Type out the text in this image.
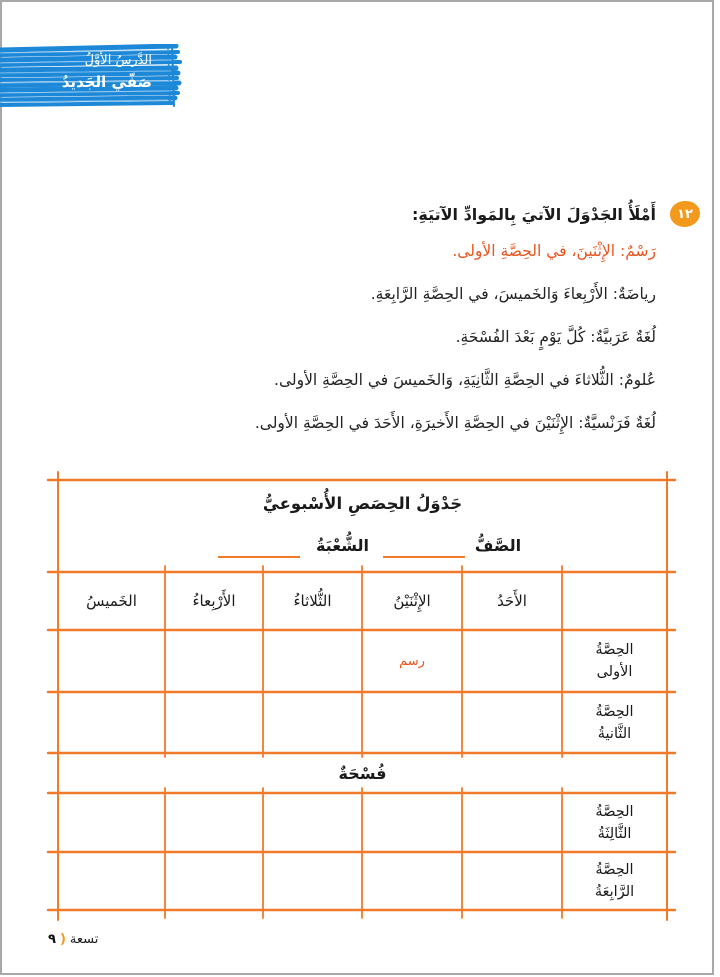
الدَّرسُ الأوَّلُ
صَفّي الجَديدُ
١٢
أَمْلَأُ الجَدْوَلَ الآتيَ بِالمَوادِّ الآتيَةِ:
رَسْمٌ: الإِثْنَينَ، في الحِصَّةِ الأولى.
رياضَةٌ: الأَرْبِعاءَ وَالخَميسَ، في الحِصَّةِ الرَّابِعَةِ.
لُغَةٌ عَرَبيَّةٌ: كُلَّ يَوْمٍ بَعْدَ الفُسْحَةِ.
عُلومٌ: الثُّلاثاءَ في الحِصَّةِ الثَّانِيَةِ، وَالخَميسَ في الحِصَّةِ الأولى.
لُغَةٌ فَرَنْسيَّةٌ: الإِثْنَيْنَ في الحِصَّةِ الأَخيرَةِ، الأَحَدَ في الحِصَّةِ الأولى.
جَدْوَلُ الحِصَصِ الأُسْبوعيُّ
الصَّفُّ
الشُّعْبَةُ
الأَحَدُ
الإِثْنَيْنُ
الثُّلاثاءُ
الأَرْبِعاءُ
الخَميسُ
الحِصَّةُ
الأولى
رسم
الحِصَّةُ
الثَّانيةُ
الحِصَّةُ
الثَّالِثَةُ
الحِصَّةُ
الرَّابِعَةُ
فُسْحَةٌ
تسعة
(
٩
